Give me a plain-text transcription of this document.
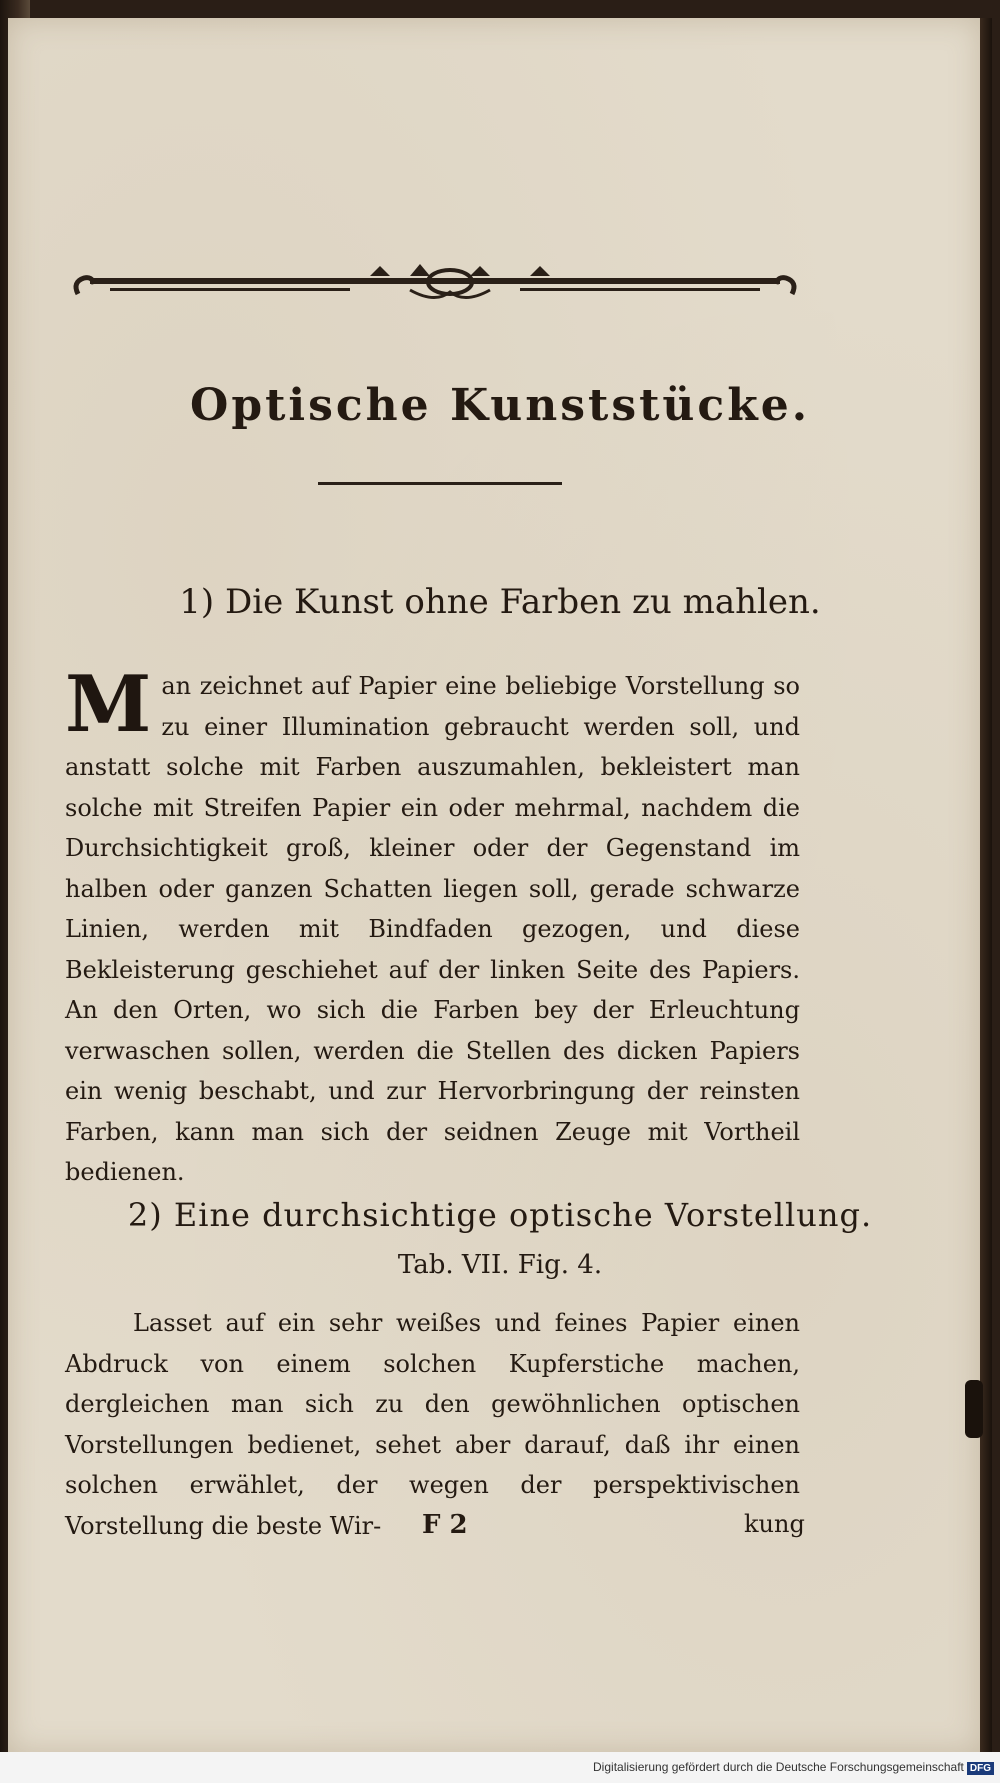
Optische Kunststücke.
1) Die Kunst ohne Farben zu mahlen.

Man zeichnet auf Papier eine beliebige Vorstellung so zu einer Illumination gebraucht werden soll, und anstatt solche mit Farben auszumahlen, bekleistert man solche mit Streifen Papier ein oder mehrmal, nachdem die Durchsichtigkeit groß, kleiner oder der Gegenstand im halben oder ganzen Schatten liegen soll, gerade schwarze Linien, werden mit Bindfaden gezogen, und diese Bekleisterung geschiehet auf der linken Seite des Papiers. An den Orten, wo sich die Farben bey der Erleuchtung verwaschen sollen, werden die Stellen des dicken Papiers ein wenig beschabt, und zur Hervorbringung der reinsten Farben, kann man sich der seidnen Zeuge mit Vortheil bedienen.

2) Eine durchsichtige optische Vorstellung.
Tab. VII. Fig. 4.

Lasset auf ein sehr weißes und feines Papier einen Abdruck von einem solchen Kupferstiche machen, dergleichen man sich zu den gewöhnlichen optischen Vorstellungen bedienet, sehet aber darauf, daß ihr einen solchen erwählet, der wegen der perspektivischen Vorstellung die beste Wir-	F 2	kung
Digitalisierung gefördert durch die Deutsche Forschungsgemeinschaft DFG
